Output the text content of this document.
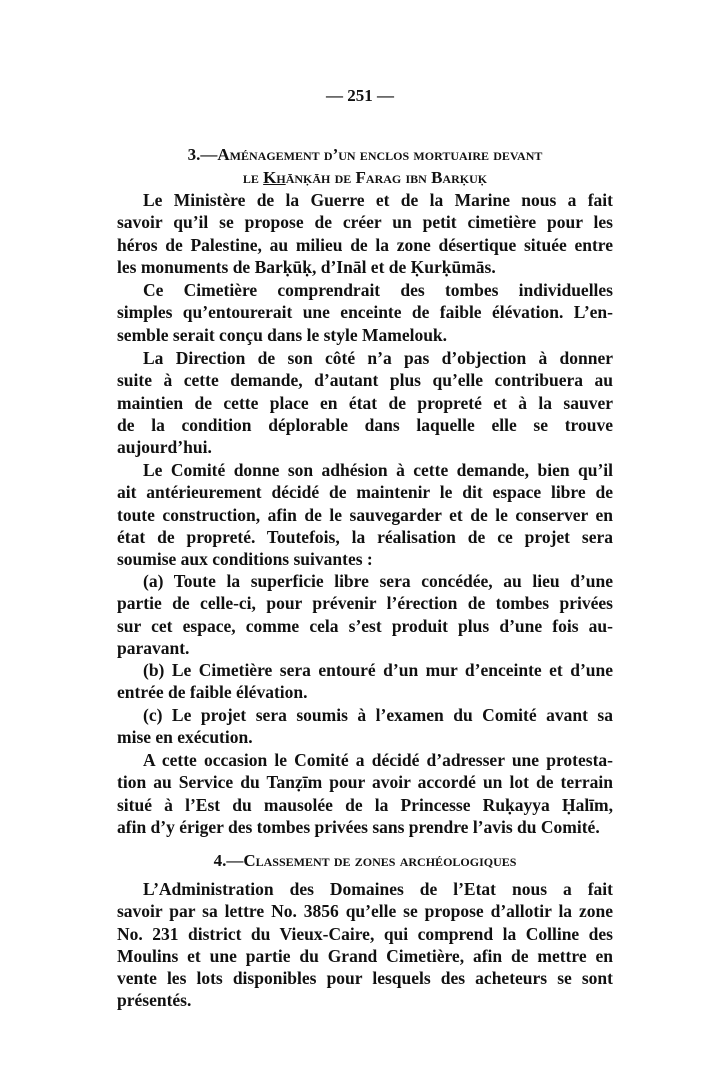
— 251 —
3.—Aménagement d’un enclos mortuaire devant
le Khānḳāh de Farag ibn Barḳuḳ
Le Ministère de la Guerre et de la Marine nous a fait
savoir qu’il se propose de créer un petit cimetière pour les
héros de Palestine, au milieu de la zone désertique située entre
les monuments de Barḳūḳ, d’Ināl et de Ḳurḳūmās.
Ce Cimetière comprendrait des tombes individuelles
simples qu’entourerait une enceinte de faible élévation. L’en-
semble serait conçu dans le style Mamelouk.
La Direction de son côté n’a pas d’objection à donner
suite à cette demande, d’autant plus qu’elle contribuera au
maintien de cette place en état de propreté et à la sauver
de la condition déplorable dans laquelle elle se trouve
aujourd’hui.
Le Comité donne son adhésion à cette demande, bien qu’il
ait antérieurement décidé de maintenir le dit espace libre de
toute construction, afin de le sauvegarder et de le conserver en
état de propreté. Toutefois, la réalisation de ce projet sera
soumise aux conditions suivantes :
(a) Toute la superficie libre sera concédée, au lieu d’une
partie de celle-ci, pour prévenir l’érection de tombes privées
sur cet espace, comme cela s’est produit plus d’une fois au-
paravant.
(b) Le Cimetière sera entouré d’un mur d’enceinte et d’une
entrée de faible élévation.
(c) Le projet sera soumis à l’examen du Comité avant sa
mise en exécution.
A cette occasion le Comité a décidé d’adresser une protesta-
tion au Service du Tanẓīm pour avoir accordé un lot de terrain
situé à l’Est du mausolée de la Princesse Ruḳayya Ḥalīm,
afin d’y ériger des tombes privées sans prendre l’avis du Comité.
4.—Classement de zones archéologiques
L’Administration des Domaines de l’Etat nous a fait
savoir par sa lettre No. 3856 qu’elle se propose d’allotir la zone
No. 231 district du Vieux-Caire, qui comprend la Colline des
Moulins et une partie du Grand Cimetière, afin de mettre en
vente les lots disponibles pour lesquels des acheteurs se sont
présentés.
